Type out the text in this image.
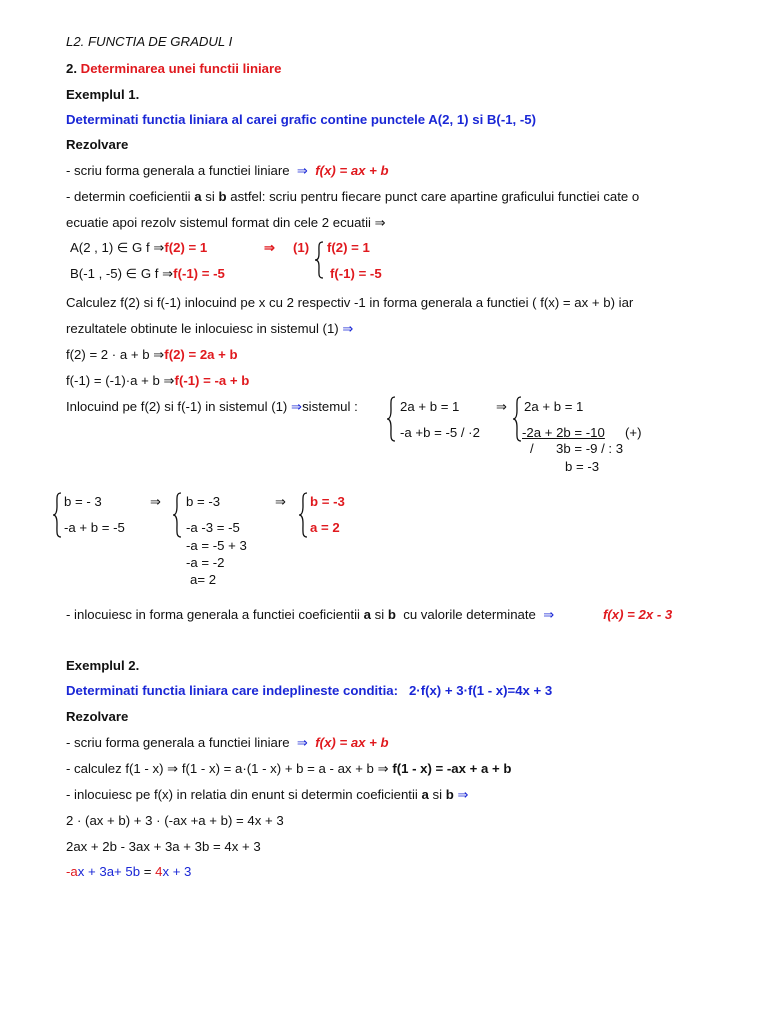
L2. FUNCTIA DE GRADUL I
2. Determinarea unei functii liniare
Exemplul 1.
Determinati functia liniara al carei grafic contine punctele A(2, 1) si B(-1, -5)
Rezolvare
- scriu forma generala a functiei liniare ⇒ f(x) = ax + b
- determin coeficientii a si b astfel: scriu pentru fiecare punct care apartine graficului functiei cate o
ecuatie apoi rezolv sistemul format din cele 2 ecuatii ⇒
A(2 , 1) ∈ G f ⇒f(2) = 1	⇒ (1) f(2) = 1
B(-1 , -5) ∈ G f ⇒f(-1) = -5	f(-1) = -5
Calculez f(2) si f(-1) inlocuind pe x cu 2 respectiv -1 in forma generala a functiei ( f(x) = ax + b) iar
rezultatele obtinute le inlocuiesc in sistemul (1) ⇒
f(2) = 2 · a + b ⇒f(2) = 2a + b
f(-1) = (-1)·a + b ⇒f(-1) = -a + b
Inlocuind pe f(2) si f(-1) in sistemul (1) ⇒sistemul :	2a + b = 1
-a +b = -5 / ·2
⇒ 2a + b = 1
-2a + 2b = -10 (+)
/ 3b = -9 / : 3
b = -3
b = - 3
-a + b = -5
⇒ b = -3
-a -3 = -5
-a = -5 + 3
-a = -2
a= 2
⇒ b = -3
a = 2
- inlocuiesc in forma generala a functiei coeficientii a si b cu valorile determinate ⇒	f(x) = 2x - 3
Exemplul 2.
Determinati functia liniara care indeplineste conditia: 2·f(x) + 3·f(1 - x)=4x + 3
Rezolvare
- scriu forma generala a functiei liniare ⇒ f(x) = ax + b
- calculez f(1 - x) ⇒ f(1 - x) = a·(1 - x) + b = a - ax + b ⇒ f(1 - x) = -ax + a + b
- inlocuiesc pe f(x) in relatia din enunt si determin coeficientii a si b ⇒
2 · (ax + b) + 3 · (-ax +a + b) = 4x + 3
2ax + 2b - 3ax + 3a + 3b = 4x + 3
-ax + 3a+ 5b = 4x + 3
